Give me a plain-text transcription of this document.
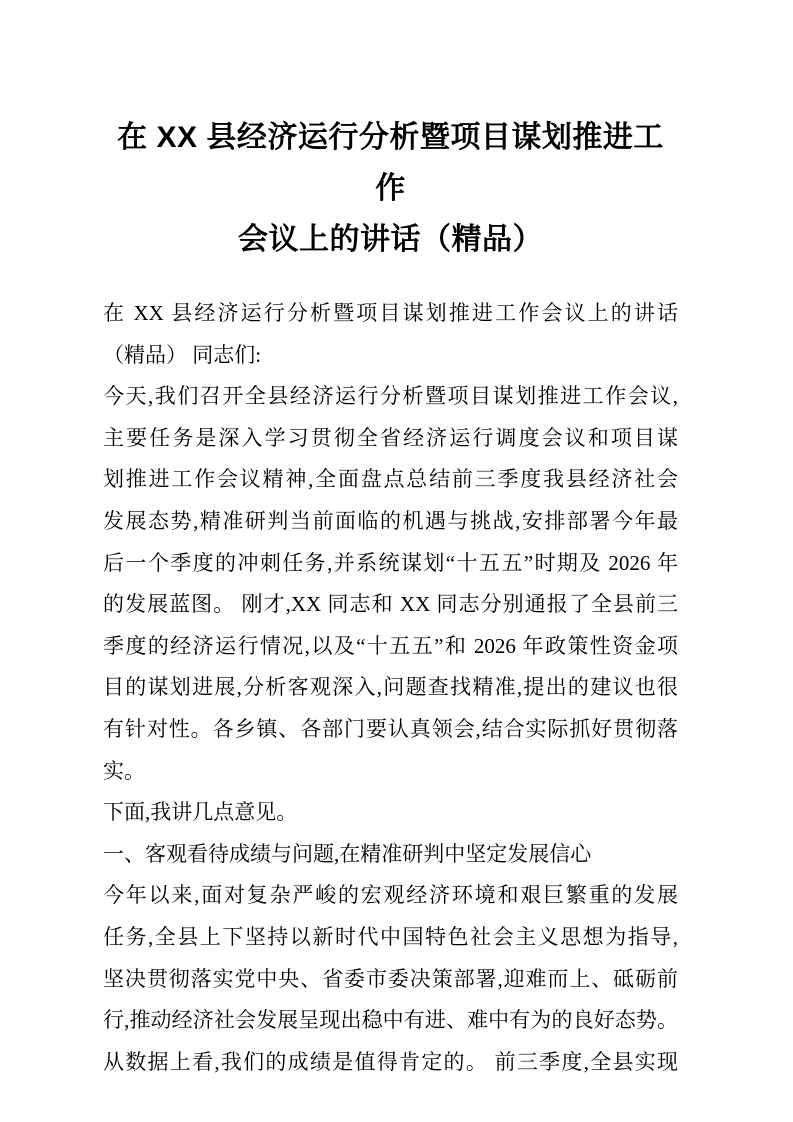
在 XX 县经济运行分析暨项目谋划推进工作
会议上的讲话（精品）

在 XX 县经济运行分析暨项目谋划推进工作会议上的讲话
（精品） 同志们:

今天,我们召开全县经济运行分析暨项目谋划推进工作会议,
主要任务是深入学习贯彻全省经济运行调度会议和项目谋
划推进工作会议精神,全面盘点总结前三季度我县经济社会
发展态势,精准研判当前面临的机遇与挑战,安排部署今年最
后一个季度的冲刺任务,并系统谋划“十五五”时期及 2026 年
的发展蓝图。 刚才,XX 同志和 XX 同志分别通报了全县前三
季度的经济运行情况,以及“十五五”和 2026 年政策性资金项
目的谋划进展,分析客观深入,问题查找精准,提出的建议也很
有针对性。各乡镇、各部门要认真领会,结合实际抓好贯彻落
实。

下面,我讲几点意见。

一、客观看待成绩与问题,在精准研判中坚定发展信心

今年以来,面对复杂严峻的宏观经济环境和艰巨繁重的发展
任务,全县上下坚持以新时代中国特色社会主义思想为指导,
坚决贯彻落实党中央、省委市委决策部署,迎难而上、砥砺前
行,推动经济社会发展呈现出稳中有进、难中有为的良好态势。
从数据上看,我们的成绩是值得肯定的。 前三季度,全县实现
